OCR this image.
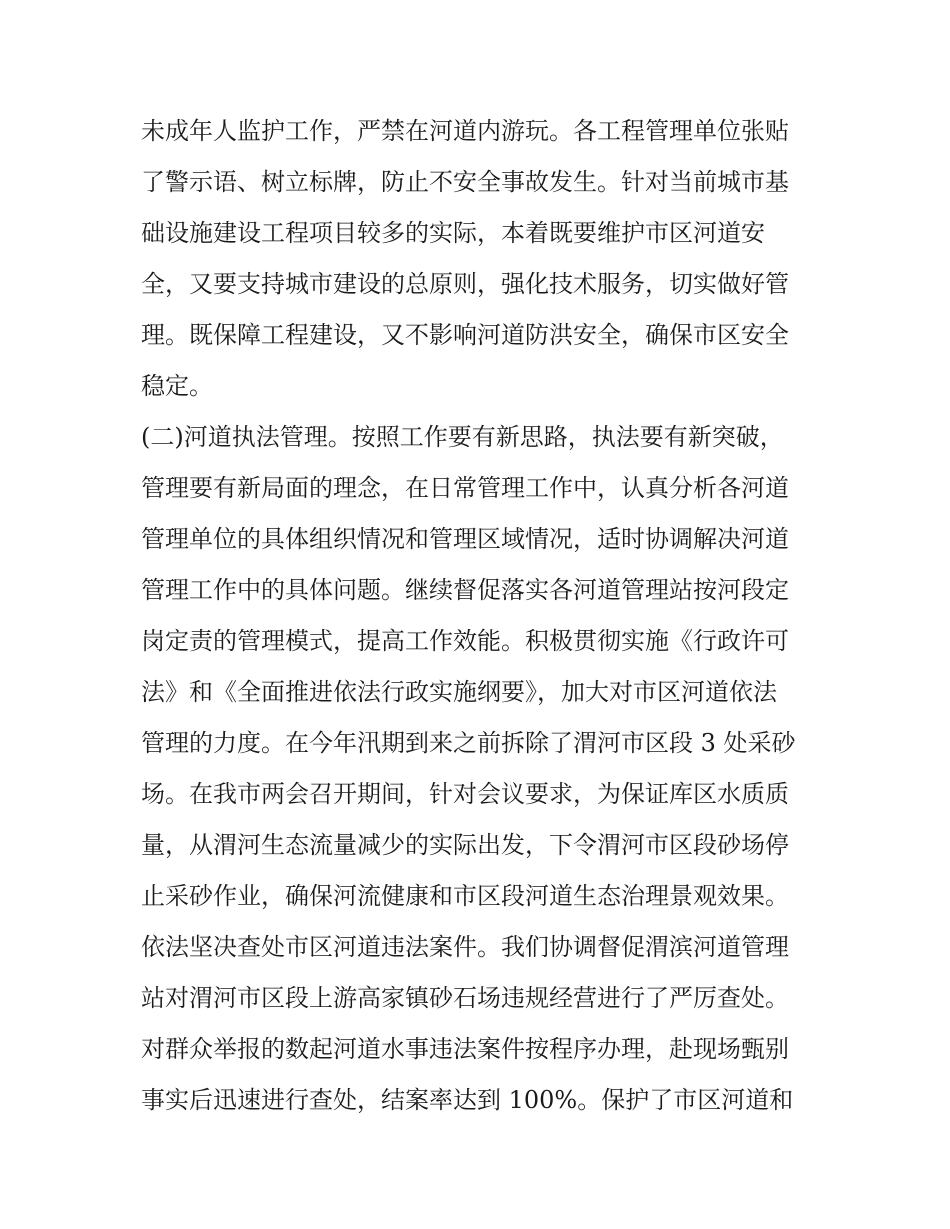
未成年人监护工作，严禁在河道内游玩。各工程管理单位张贴
了警示语、树立标牌，防止不安全事故发生。针对当前城市基
础设施建设工程项目较多的实际，本着既要维护市区河道安
全，又要支持城市建设的总原则，强化技术服务，切实做好管
理。既保障工程建设，又不影响河道防洪安全，确保市区安全
稳定。
(二)河道执法管理。按照工作要有新思路，执法要有新突破，
管理要有新局面的理念，在日常管理工作中，认真分析各河道
管理单位的具体组织情况和管理区域情况，适时协调解决河道
管理工作中的具体问题。继续督促落实各河道管理站按河段定
岗定责的管理模式，提高工作效能。积极贯彻实施《行政许可
法》和《全面推进依法行政实施纲要》，加大对市区河道依法
管理的力度。在今年汛期到来之前拆除了渭河市区段 3 处采砂
场。在我市两会召开期间，针对会议要求，为保证库区水质质
量，从渭河生态流量减少的实际出发，下令渭河市区段砂场停
止采砂作业，确保河流健康和市区段河道生态治理景观效果。
依法坚决查处市区河道违法案件。我们协调督促渭滨河道管理
站对渭河市区段上游高家镇砂石场违规经营进行了严厉查处。
对群众举报的数起河道水事违法案件按程序办理，赴现场甄别
事实后迅速进行查处，结案率达到 100%。保护了市区河道和
